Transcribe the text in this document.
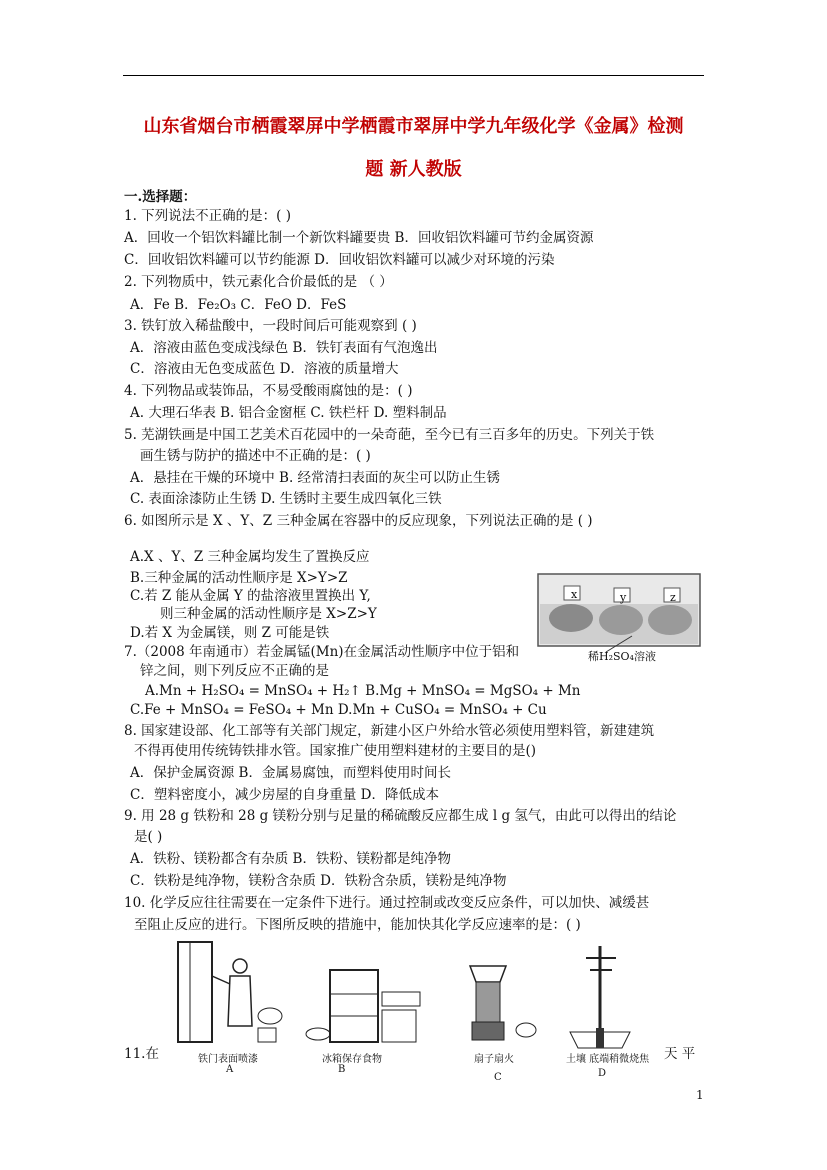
山东省烟台市栖霞翠屏中学栖霞市翠屏中学九年级化学《金属》检测
题 新人教版
一.选择题：
1. 下列说法不正确的是：( )
A．回收一个铝饮料罐比制一个新饮料罐要贵 B．回收铝饮料罐可节约金属资源
C．回收铝饮料罐可以节约能源 D．回收铝饮料罐可以减少对环境的污染
2. 下列物质中，铁元素化合价最低的是 （ ）
A．Fe B．Fe₂O₃ C．FeO D．FeS
3. 铁钉放入稀盐酸中，一段时间后可能观察到 ( )
A．溶液由蓝色变成浅绿色 B．铁钉表面有气泡逸出
C．溶液由无色变成蓝色 D．溶液的质量增大
4. 下列物品或装饰品，不易受酸雨腐蚀的是：( )
A. 大理石华表 B. 铝合金窗框 C. 铁栏杆 D. 塑料制品
5. 芜湖铁画是中国工艺美术百花园中的一朵奇葩，至今已有三百多年的历史。下列关于铁
画生锈与防护的描述中不正确的是：( )
A．悬挂在干燥的环境中 B. 经常清扫表面的灰尘可以防止生锈
C. 表面涂漆防止生锈 D. 生锈时主要生成四氧化三铁
6. 如图所示是 X 、Y、Z 三种金属在容器中的反应现象，下列说法正确的是 ( )
A.X 、Y、Z 三种金属均发生了置换反应
B.三种金属的活动性顺序是 X>Y>Z
C.若 Z 能从金属 Y 的盐溶液里置换出 Y,
则三种金属的活动性顺序是 X>Z>Y
D.若 X 为金属镁，则 Z 可能是铁
x	y	z
稀H₂SO₄溶液
7.（2008 年南通市）若金属锰(Mn)在金属活动性顺序中位于铝和
锌之间，则下列反应不正确的是
A.Mn + H₂SO₄ = MnSO₄ + H₂↑ B.Mg + MnSO₄ = MgSO₄ + Mn
C.Fe + MnSO₄ = FeSO₄ + Mn D.Mn + CuSO₄ = MnSO₄ + Cu
8. 国家建设部、化工部等有关部门规定，新建小区户外给水管必须使用塑料管，新建建筑
不得再使用传统铸铁排水管。国家推广使用塑料建材的主要目的是()
A．保护金属资源 B．金属易腐蚀，而塑料使用时间长
C．塑料密度小，减少房屋的自身重量 D．降低成本
9. 用 28 g 铁粉和 28 g 镁粉分别与足量的稀硫酸反应都生成 l g 氢气，由此可以得出的结论
是( )
A．铁粉、镁粉都含有杂质 B．铁粉、镁粉都是纯净物
C．铁粉是纯净物，镁粉含杂质 D．铁粉含杂质，镁粉是纯净物
10. 化学反应往往需要在一定条件下进行。通过控制或改变反应条件，可以加快、减缓甚
至阻止反应的进行。下图所反映的措施中，能加快其化学反应速率的是：( )
铁门表面喷漆	冰箱保存食物	扇子扇火	土壤 底端稍微烧焦
A	B
C	D
11.在	天 平
1
